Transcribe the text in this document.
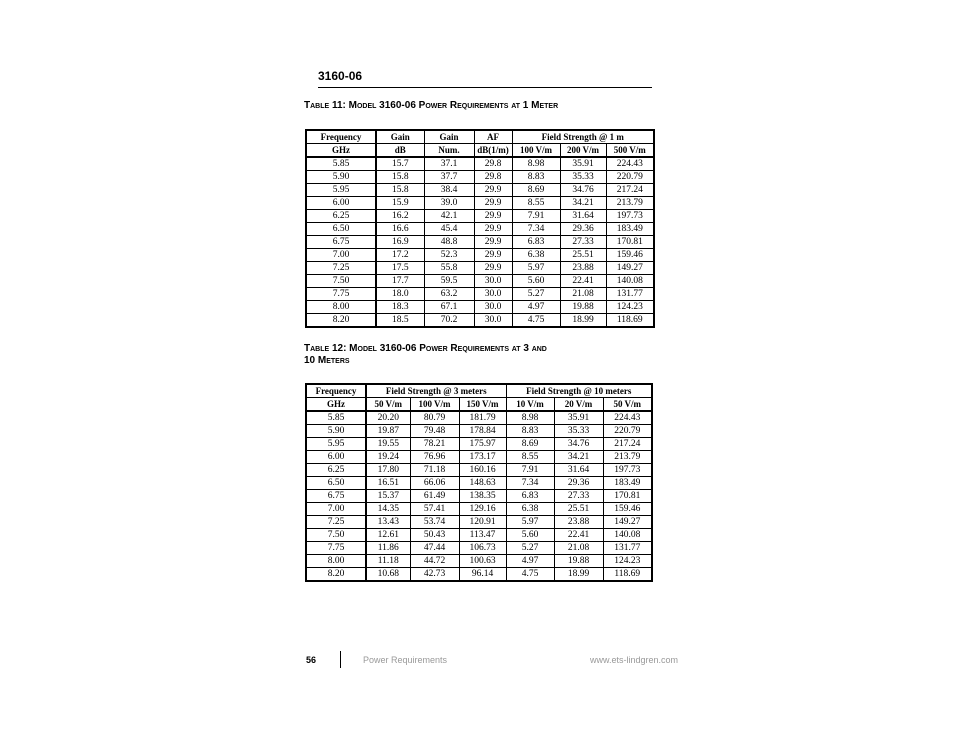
3160-06
Table 11: Model 3160-06 Power Requirements at 1 Meter
Frequency	Gain	Gain	AF	Field Strength @ 1 m		
GHz	dB	Num.	dB(1/m)	100 V/m	200 V/m	500 V/m
5.85	15.7	37.1	29.8	8.98	35.91	224.43
5.90	15.8	37.7	29.8	8.83	35.33	220.79
5.95	15.8	38.4	29.9	8.69	34.76	217.24
6.00	15.9	39.0	29.9	8.55	34.21	213.79
6.25	16.2	42.1	29.9	7.91	31.64	197.73
6.50	16.6	45.4	29.9	7.34	29.36	183.49
6.75	16.9	48.8	29.9	6.83	27.33	170.81
7.00	17.2	52.3	29.9	6.38	25.51	159.46
7.25	17.5	55.8	29.9	5.97	23.88	149.27
7.50	17.7	59.5	30.0	5.60	22.41	140.08
7.75	18.0	63.2	30.0	5.27	21.08	131.77
8.00	18.3	67.1	30.0	4.97	19.88	124.23
8.20	18.5	70.2	30.0	4.75	18.99	118.69
Table 12: Model 3160-06 Power Requirements at 3 and
10 Meters
Frequency	Field Strength @ 3 meters			Field Strength @ 10 meters		
GHz	50 V/m	100 V/m	150 V/m	10 V/m	20 V/m	50 V/m
5.85	20.20	80.79	181.79	8.98	35.91	224.43
5.90	19.87	79.48	178.84	8.83	35.33	220.79
5.95	19.55	78.21	175.97	8.69	34.76	217.24
6.00	19.24	76.96	173.17	8.55	34.21	213.79
6.25	17.80	71.18	160.16	7.91	31.64	197.73
6.50	16.51	66.06	148.63	7.34	29.36	183.49
6.75	15.37	61.49	138.35	6.83	27.33	170.81
7.00	14.35	57.41	129.16	6.38	25.51	159.46
7.25	13.43	53.74	120.91	5.97	23.88	149.27
7.50	12.61	50.43	113.47	5.60	22.41	140.08
7.75	11.86	47.44	106.73	5.27	21.08	131.77
8.00	11.18	44.72	100.63	4.97	19.88	124.23
8.20	10.68	42.73	96.14	4.75	18.99	118.69
56	Power Requirements	www.ets-lindgren.com
